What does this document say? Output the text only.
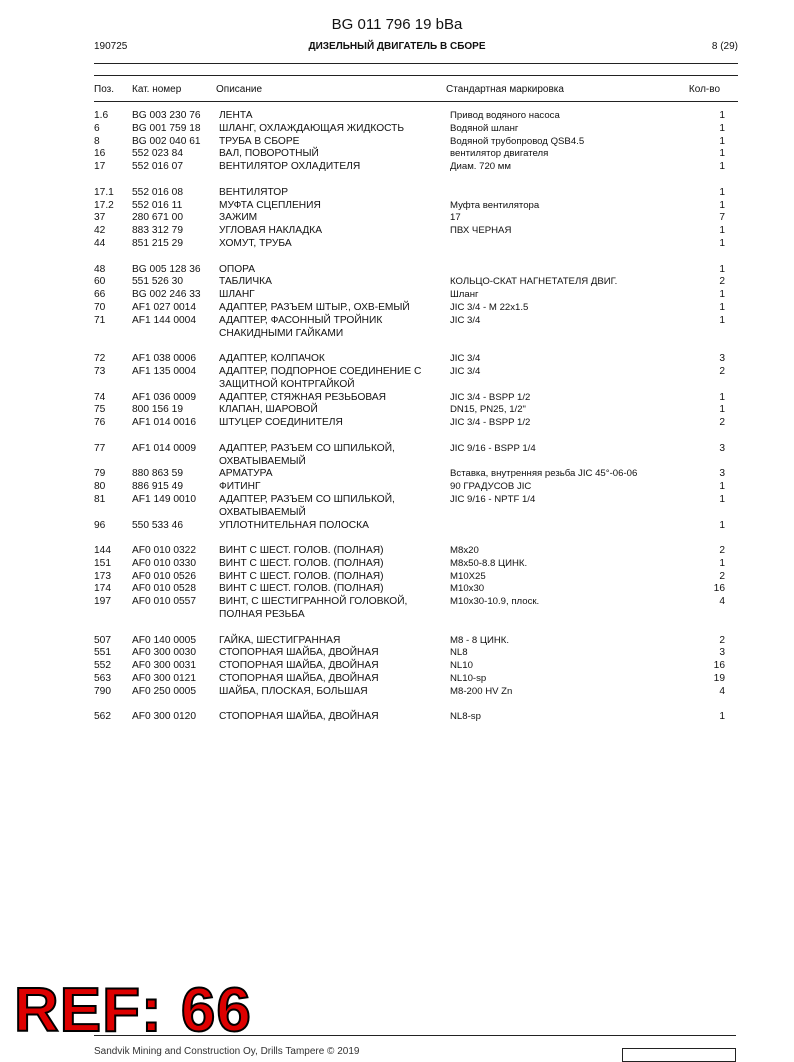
BG 011 796 19 bBa
190725	ДИЗЕЛЬНЫЙ ДВИГАТЕЛЬ В СБОРЕ	8 (29)
Поз. Кат. номер	Описание	Стандартная маркировка	Кол-во
1.6 BG 003 230 76 ЛЕНТА	Привод водяного насоса	1
6	BG 001 759 18 ШЛАНГ, ОХЛАЖДАЮЩАЯ ЖИДКОСТЬ	Водяной шланг	1
8	BG 002 040 61 ТРУБА В СБОРЕ	Водяной трубопровод QSB4.5	1
16	552 023 84	ВАЛ, ПОВОРОТНЫЙ	вентилятор двигателя	1
17	552 016 07	ВЕНТИЛЯТОР ОХЛАДИТЕЛЯ	Диам. 720 мм	1
17.1 552 016 08	ВЕНТИЛЯТОР	1
17.2 552 016 11	МУФТА СЦЕПЛЕНИЯ	Муфта вентилятора	1
37	280 671 00	ЗАЖИМ	17	7
42	883 312 79	УГЛОВАЯ НАКЛАДКА	ПВХ ЧЕРНАЯ	1
44	851 215 29	ХОМУТ, ТРУБА	1
48	BG 005 128 36 ОПОРА	1
60	551 526 30	ТАБЛИЧКА	КОЛЬЦО-СКАТ НАГНЕТАТЕЛЯ ДВИГ.	2
66	BG 002 246 33 ШЛАНГ	Шланг	1
70	AF1 027 0014 АДАПТЕР, РАЗЪЕМ ШТЫР., ОХВ-ЕМЫЙ	JIC 3/4 - M 22x1.5	1
71	AF1 144 0004 АДАПТЕР, ФАСОННЫЙ ТРОЙНИК	JIC 3/4	1
СНАКИДНЫМИ ГАЙКАМИ
72	AF1 038 0006 АДАПТЕР, КОЛПАЧОК	JIC 3/4	3
73	AF1 135 0004 АДАПТЕР, ПОДПОРНОЕ СОЕДИНЕНИЕ С	JIC 3/4	2
ЗАЩИТНОЙ КОНТРГАЙКОЙ
74	AF1 036 0009 АДАПТЕР, СТЯЖНАЯ РЕЗЬБОВАЯ	JIC 3/4 - BSPP 1/2	1
75	800 156 19	КЛАПАН, ШАРОВОЙ	DN15, PN25, 1/2"	1
76	AF1 014 0016 ШТУЦЕР СОЕДИНИТЕЛЯ	JIC 3/4 - BSPP 1/2	2
77	AF1 014 0009 АДАПТЕР, РАЗЪЕМ СО ШПИЛЬКОЙ,	JIC 9/16 - BSPP 1/4	3
ОХВАТЫВАЕМЫЙ
79	880 863 59	АРМАТУРА	Вставка, внутренняя резьба JIC 45°-06-06	3
80	886 915 49	ФИТИНГ	90 ГРАДУСОВ JIC	1
81	AF1 149 0010 АДАПТЕР, РАЗЪЕМ СО ШПИЛЬКОЙ,	JIC 9/16 - NPTF 1/4	1
ОХВАТЫВАЕМЫЙ
96	550 533 46	УПЛОТНИТЕЛЬНАЯ ПОЛОСКА	1
144 AF0 010 0322 ВИНТ С ШЕСТ. ГОЛОВ. (ПОЛНАЯ)	M8x20	2
151 AF0 010 0330 ВИНТ С ШЕСТ. ГОЛОВ. (ПОЛНАЯ)	M8x50-8.8 ЦИНК.	1
173 AF0 010 0526 ВИНТ С ШЕСТ. ГОЛОВ. (ПОЛНАЯ)	M10X25	2
174 AF0 010 0528 ВИНТ С ШЕСТ. ГОЛОВ. (ПОЛНАЯ)	M10x30	16
197 AF0 010 0557 ВИНТ, С ШЕСТИГРАННОЙ ГОЛОВКОЙ,	M10x30-10.9, плоск.	4
ПОЛНАЯ РЕЗЬБА
507 AF0 140 0005 ГАЙКА, ШЕСТИГРАННАЯ	M8 - 8 ЦИНК.	2
551 AF0 300 0030 СТОПОРНАЯ ШАЙБА, ДВОЙНАЯ	NL8	3
552 AF0 300 0031 СТОПОРНАЯ ШАЙБА, ДВОЙНАЯ	NL10	16
563 AF0 300 0121 СТОПОРНАЯ ШАЙБА, ДВОЙНАЯ	NL10-sp	19
790 AF0 250 0005 ШАЙБА, ПЛОСКАЯ, БОЛЬШАЯ	M8-200 HV Zn	4
562 AF0 300 0120 СТОПОРНАЯ ШАЙБА, ДВОЙНАЯ	NL8-sp	1
Sandvik Mining and Construction Oy, Drills Tampere © 2019
REF: 66
